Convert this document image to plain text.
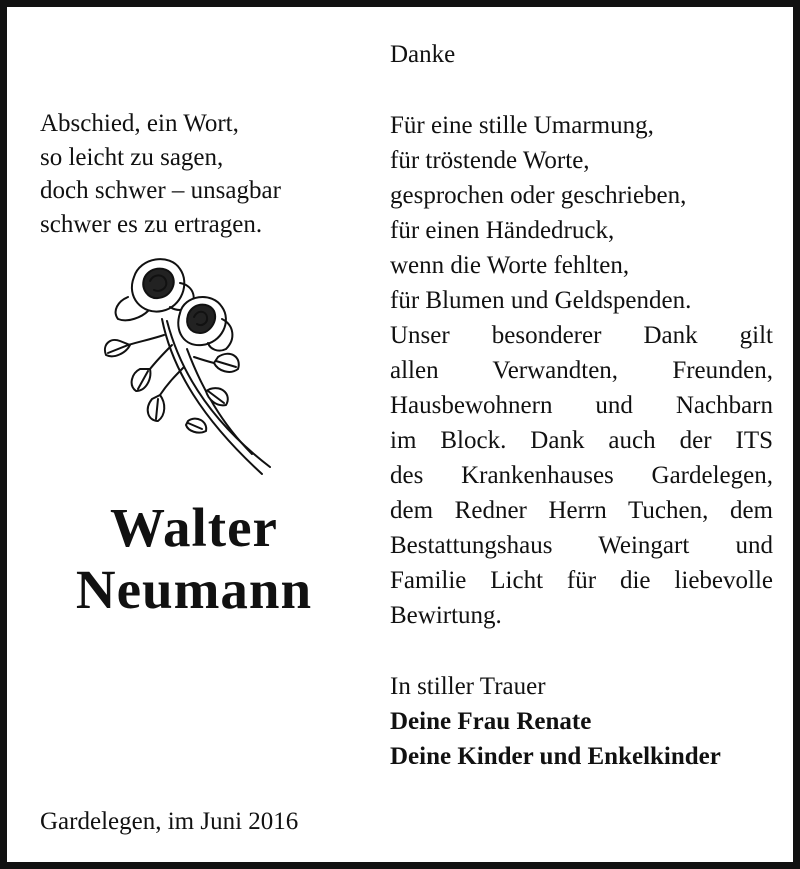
Abschied, ein Wort,
so leicht zu sagen,
doch schwer – unsagbar
schwer es zu ertragen.
Walter
Neumann
Gardelegen, im Juni 2016
Danke
Für eine stille Umarmung,
für tröstende Worte,
gesprochen oder geschrieben,
für einen Händedruck,
wenn die Worte fehlten,
für Blumen und Geldspenden.
Unser besonderer Dank gilt
allen Verwandten, Freunden,
Hausbewohnern und Nachbarn
im Block. Dank auch der ITS
des Krankenhauses Gardelegen,
dem Redner Herrn Tuchen, dem
Bestattungshaus Weingart und
Familie Licht für die liebevolle
Bewirtung.
In stiller Trauer
Deine Frau Renate
Deine Kinder und Enkelkinder
